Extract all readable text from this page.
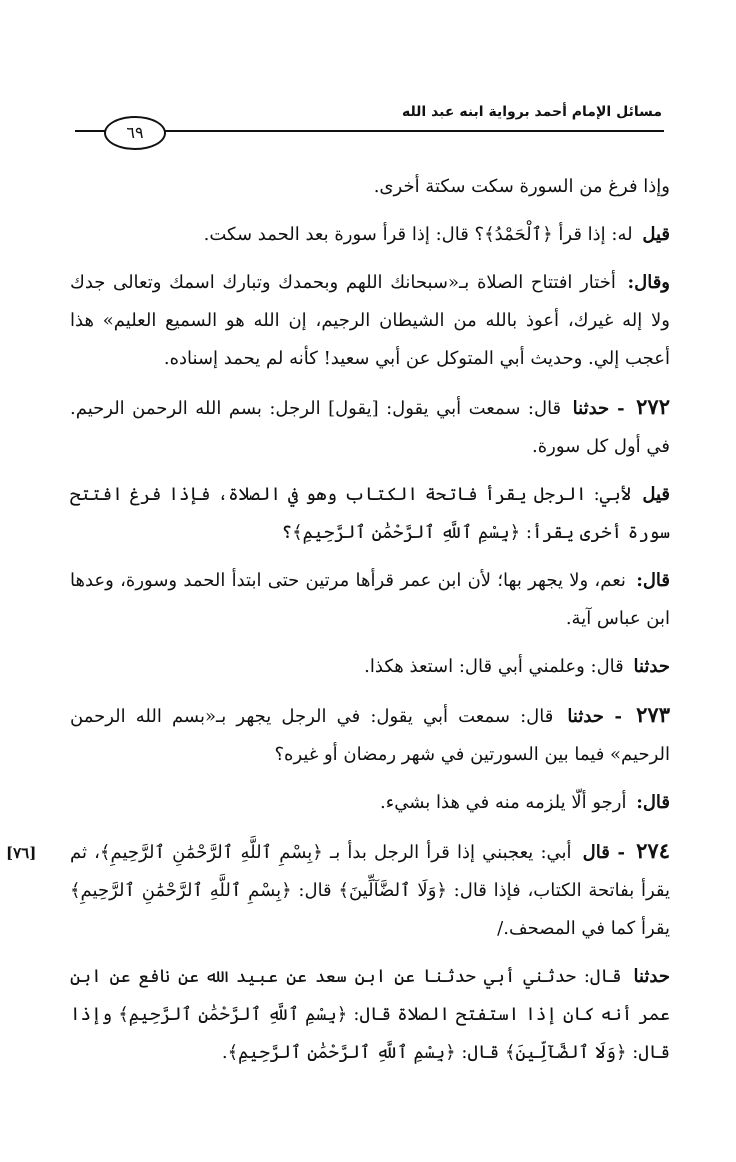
مسائل الإمام أحمد برواية ابنه عبد الله
٦٩
[٧٦]

وإذا فرغ من السورة سكت سكتة أخرى.

قيل له: إذا قرأ ﴿ٱلْحَمْدُ﴾؟ قال: إذا قرأ سورة بعد الحمد سكت.

وقال: أختار افتتاح الصلاة بـ«سبحانك اللهم وبحمدك وتبارك اسمك وتعالى جدك ولا إله غيرك، أعوذ بالله من الشيطان الرجيم، إن الله هو السميع العليم» هذا أعجب إلي. وحديث أبي المتوكل عن أبي سعيد! كأنه لم يحمد إسناده.

٢٧٢ - حدثنا قال: سمعت أبي يقول: [يقول] الرجل: بسم الله الرحمن الرحيم. في أول كل سورة.

قيل لأبي: الرجل يقرأ فاتحة الكتاب وهو في الصلاة، فإذا فرغ افتتح سورة أخرى يقرأ: ﴿بِسْمِ ٱللَّهِ ٱلرَّحْمَٰنِ ٱلرَّحِيمِ﴾؟

قال: نعم، ولا يجهر بها؛ لأن ابن عمر قرأها مرتين حتى ابتدأ الحمد وسورة، وعدها ابن عباس آية.

حدثنا قال: وعلمني أبي قال: استعذ هكذا.

٢٧٣ - حدثنا قال: سمعت أبي يقول: في الرجل يجهر بـ«بسم الله الرحمن الرحيم» فيما بين السورتين في شهر رمضان أو غيره؟

قال: أرجو ألّا يلزمه منه في هذا بشيء.

٢٧٤ - قال أبي: يعجبني إذا قرأ الرجل بدأ بـ ﴿بِسْمِ ٱللَّهِ ٱلرَّحْمَٰنِ ٱلرَّحِيمِ﴾، ثم يقرأ بفاتحة الكتاب، فإذا قال: ﴿وَلَا ٱلضَّآلِّينَ﴾ قال: ﴿بِسْمِ ٱللَّهِ ٱلرَّحْمَٰنِ ٱلرَّحِيمِ﴾ يقرأ كما في المصحف./

حدثنا قال: حدثني أبي حدثنا عن ابن سعد عن عبيد الله عن نافع عن ابن عمر أنه كان إذا استفتح الصلاة قال: ﴿بِسْمِ ٱللَّهِ ٱلرَّحْمَٰنِ ٱلرَّحِيمِ﴾ وإذا قال: ﴿وَلَا ٱلضَّآلِّينَ﴾ قال: ﴿بِسْمِ ٱللَّهِ ٱلرَّحْمَٰنِ ٱلرَّحِيمِ﴾.
